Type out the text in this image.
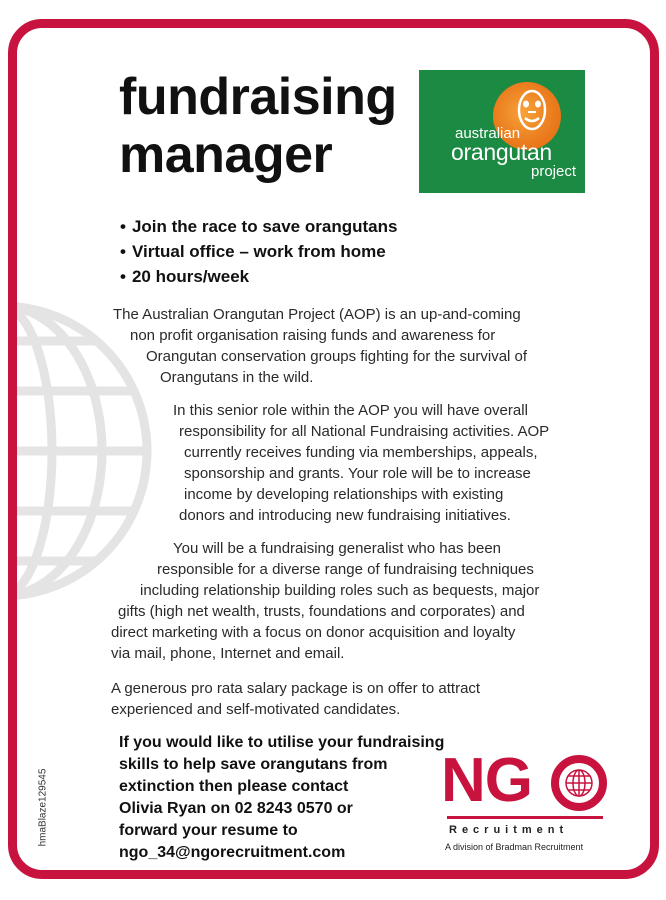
fundraising
manager	australian
orangutan
project
• Join the race to save orangutans
• Virtual office – work from home
• 20 hours/week

The Australian Orangutan Project (AOP) is an up-and-coming
non profit organisation raising funds and awareness for
Orangutan conservation groups fighting for the survival of
Orangutans in the wild.

In this senior role within the AOP you will have overall
responsibility for all National Fundraising activities. AOP
currently receives funding via memberships, appeals,
sponsorship and grants. Your role will be to increase
income by developing relationships with existing
donors and introducing new fundraising initiatives.

You will be a fundraising generalist who has been
responsible for a diverse range of fundraising techniques
including relationship building roles such as bequests, major
gifts (high net wealth, trusts, foundations and corporates) and
direct marketing with a focus on donor acquisition and loyalty
via mail, phone, Internet and email.

A generous pro rata salary package is on offer to attract
experienced and self-motivated candidates.

If you would like to utilise your fundraising
skills to help save orangutans from
extinction then please contact
Olivia Ryan on 02 8243 0570 or
forward your resume to
ngo_34@ngorecruitment.com

NG
Recruitment
A division of Bradman Recruitment
hmaBlaze129545
